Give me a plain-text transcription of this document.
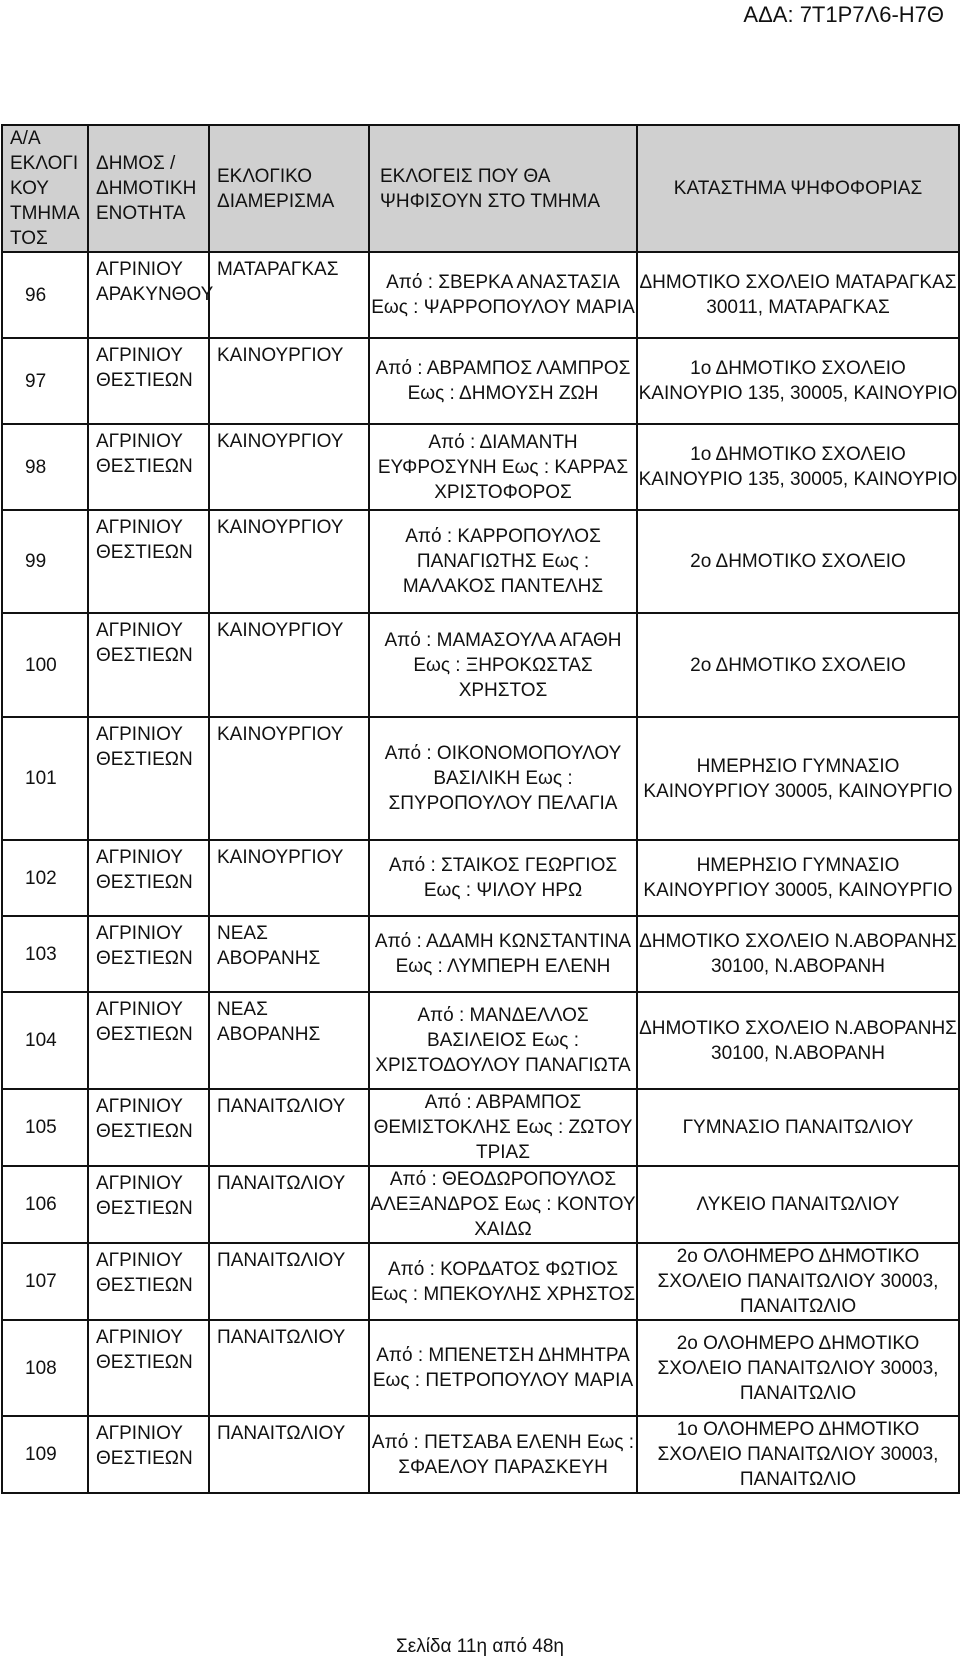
ΑΔΑ: 7Τ1Ρ7Λ6-Η7Θ
Α/Α ΕΚΛΟΓΙ ΚΟΥ ΤΜΗΜΑ ΤΟΣ	ΔΗΜΟΣ / ΔΗΜΟΤΙΚΗ ΕΝΟΤΗΤΑ	ΕΚΛΟΓΙΚΟ ΔΙΑΜΕΡΙΣΜΑ	ΕΚΛΟΓΕΙΣ ΠΟΥ ΘΑ ΨΗΦΙΣΟΥΝ ΣΤΟ ΤΜΗΜΑ	ΚΑΤΑΣΤΗΜΑ ΨΗΦΟΦΟΡΙΑΣ
96	ΑΓΡΙΝΙΟΥ ΑΡΑΚΥΝΘΟΥ	ΜΑΤΑΡΑΓΚΑΣ	Από : ΣΒΕΡΚΑ ΑΝΑΣΤΑΣΙΑ Εως : ΨΑΡΡΟΠΟΥΛΟΥ ΜΑΡΙΑ	ΔΗΜΟΤΙΚΟ ΣΧΟΛΕΙΟ ΜΑΤΑΡΑΓΚΑΣ 30011, ΜΑΤΑΡΑΓΚΑΣ
97	ΑΓΡΙΝΙΟΥ ΘΕΣΤΙΕΩΝ	ΚΑΙΝΟΥΡΓΙΟΥ	Από : ΑΒΡΑΜΠΟΣ ΛΑΜΠΡΟΣ Εως : ΔΗΜΟΥΣΗ ΖΩΗ	1ο ΔΗΜΟΤΙΚΟ ΣΧΟΛΕΙΟ ΚΑΙΝΟΥΡΙΟ 135, 30005, ΚΑΙΝΟΥΡΙΟ
98	ΑΓΡΙΝΙΟΥ ΘΕΣΤΙΕΩΝ	ΚΑΙΝΟΥΡΓΙΟΥ	Από : ΔΙΑΜΑΝΤΗ ΕΥΦΡΟΣΥΝΗ Εως : ΚΑΡΡΑΣ ΧΡΙΣΤΟΦΟΡΟΣ	1ο ΔΗΜΟΤΙΚΟ ΣΧΟΛΕΙΟ ΚΑΙΝΟΥΡΙΟ 135, 30005, ΚΑΙΝΟΥΡΙΟ
99	ΑΓΡΙΝΙΟΥ ΘΕΣΤΙΕΩΝ	ΚΑΙΝΟΥΡΓΙΟΥ	Από : ΚΑΡΡΟΠΟΥΛΟΣ ΠΑΝΑΓΙΩΤΗΣ Εως : ΜΑΛΑΚΟΣ ΠΑΝΤΕΛΗΣ	2ο ΔΗΜΟΤΙΚΟ ΣΧΟΛΕΙΟ
100	ΑΓΡΙΝΙΟΥ ΘΕΣΤΙΕΩΝ	ΚΑΙΝΟΥΡΓΙΟΥ	Από : ΜΑΜΑΣΟΥΛΑ ΑΓΑΘΗ Εως : ΞΗΡΟΚΩΣΤΑΣ ΧΡΗΣΤΟΣ	2ο ΔΗΜΟΤΙΚΟ ΣΧΟΛΕΙΟ
101	ΑΓΡΙΝΙΟΥ ΘΕΣΤΙΕΩΝ	ΚΑΙΝΟΥΡΓΙΟΥ	Από : ΟΙΚΟΝΟΜΟΠΟΥΛΟΥ ΒΑΣΙΛΙΚΗ Εως : ΣΠΥΡΟΠΟΥΛΟΥ ΠΕΛΑΓΙΑ	ΗΜΕΡΗΣΙΟ ΓΥΜΝΑΣΙΟ ΚΑΙΝΟΥΡΓΙΟΥ 30005, ΚΑΙΝΟΥΡΓΙΟ
102	ΑΓΡΙΝΙΟΥ ΘΕΣΤΙΕΩΝ	ΚΑΙΝΟΥΡΓΙΟΥ	Από : ΣΤΑΙΚΟΣ ΓΕΩΡΓΙΟΣ Εως : ΨΙΛΟΥ ΗΡΩ	ΗΜΕΡΗΣΙΟ ΓΥΜΝΑΣΙΟ ΚΑΙΝΟΥΡΓΙΟΥ 30005, ΚΑΙΝΟΥΡΓΙΟ
103	ΑΓΡΙΝΙΟΥ ΘΕΣΤΙΕΩΝ	ΝΕΑΣ ΑΒΟΡΑΝΗΣ	Από : ΑΔΑΜΗ ΚΩΝΣΤΑΝΤΙΝΑ Εως : ΛΥΜΠΕΡΗ ΕΛΕΝΗ	ΔΗΜΟΤΙΚΟ ΣΧΟΛΕΙΟ Ν.ΑΒΟΡΑΝΗΣ 30100, Ν.ΑΒΟΡΑΝΗ
104	ΑΓΡΙΝΙΟΥ ΘΕΣΤΙΕΩΝ	ΝΕΑΣ ΑΒΟΡΑΝΗΣ	Από : ΜΑΝΔΕΛΛΟΣ ΒΑΣΙΛΕΙΟΣ Εως : ΧΡΙΣΤΟΔΟΥΛΟΥ ΠΑΝΑΓΙΩΤΑ	ΔΗΜΟΤΙΚΟ ΣΧΟΛΕΙΟ Ν.ΑΒΟΡΑΝΗΣ 30100, Ν.ΑΒΟΡΑΝΗ
105	ΑΓΡΙΝΙΟΥ ΘΕΣΤΙΕΩΝ	ΠΑΝΑΙΤΩΛΙΟΥ	Από : ΑΒΡΑΜΠΟΣ ΘΕΜΙΣΤΟΚΛΗΣ Εως : ΖΩΤΟΥ ΤΡΙΑΣ	ΓΥΜΝΑΣΙΟ ΠΑΝΑΙΤΩΛΙΟΥ
106	ΑΓΡΙΝΙΟΥ ΘΕΣΤΙΕΩΝ	ΠΑΝΑΙΤΩΛΙΟΥ	Από : ΘΕΟΔΩΡΟΠΟΥΛΟΣ ΑΛΕΞΑΝΔΡΟΣ Εως : ΚΟΝΤΟΥ ΧΑΙΔΩ	ΛΥΚΕΙΟ ΠΑΝΑΙΤΩΛΙΟΥ
107	ΑΓΡΙΝΙΟΥ ΘΕΣΤΙΕΩΝ	ΠΑΝΑΙΤΩΛΙΟΥ	Από : ΚΟΡΔΑΤΟΣ ΦΩΤΙΟΣ Εως : ΜΠΕΚΟΥΛΗΣ ΧΡΗΣΤΟΣ	2ο ΟΛΟΗΜΕΡΟ ΔΗΜΟΤΙΚΟ ΣΧΟΛΕΙΟ ΠΑΝΑΙΤΩΛΙΟΥ 30003, ΠΑΝΑΙΤΩΛΙΟ
108	ΑΓΡΙΝΙΟΥ ΘΕΣΤΙΕΩΝ	ΠΑΝΑΙΤΩΛΙΟΥ	Από : ΜΠΕΝΕΤΣΗ ΔΗΜΗΤΡΑ Εως : ΠΕΤΡΟΠΟΥΛΟΥ ΜΑΡΙΑ	2ο ΟΛΟΗΜΕΡΟ ΔΗΜΟΤΙΚΟ ΣΧΟΛΕΙΟ ΠΑΝΑΙΤΩΛΙΟΥ 30003, ΠΑΝΑΙΤΩΛΙΟ
109	ΑΓΡΙΝΙΟΥ ΘΕΣΤΙΕΩΝ	ΠΑΝΑΙΤΩΛΙΟΥ	Από : ΠΕΤΣΑΒΑ ΕΛΕΝΗ Εως : ΣΦΑΕΛΟΥ ΠΑΡΑΣΚΕΥΗ	1ο ΟΛΟΗΜΕΡΟ ΔΗΜΟΤΙΚΟ ΣΧΟΛΕΙΟ ΠΑΝΑΙΤΩΛΙΟΥ 30003, ΠΑΝΑΙΤΩΛΙΟ
Σελίδα 11η από 48η
